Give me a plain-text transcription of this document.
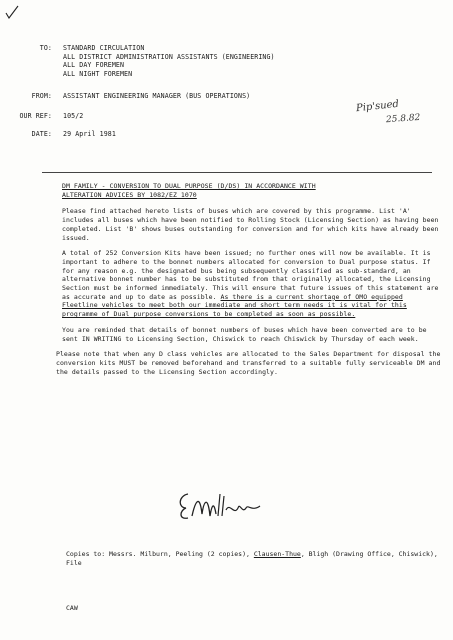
TO: STANDARD CIRCULATION
ALL DISTRICT ADMINISTRATION ASSISTANTS (ENGINEERING)
ALL DAY FOREMEN
ALL NIGHT FOREMEN
FROM: ASSISTANT ENGINEERING MANAGER (BUS OPERATIONS)
OUR REF: 105/2
DATE: 29 April 1981
Pip'sued
25.8.82

DM FAMILY - CONVERSION TO DUAL PURPOSE (D/DS) IN ACCORDANCE WITH
ALTERATION ADVICES BY 1082/EZ 1070

Please find attached hereto lists of buses which are covered by this programme. List 'A' includes all buses which have been notified to Rolling Stock (Licensing Section) as having been completed. List 'B' shows buses outstanding for conversion and for which kits have already been issued.

A total of 252 Conversion Kits have been issued; no further ones will now be available. It is important to adhere to the bonnet numbers allocated for conversion to Dual purpose status. If for any reason e.g. the designated bus being subsequently classified as sub-standard, an alternative bonnet number has to be substituted from that originally allocated, the Licensing Section must be informed immediately. This will ensure that future issues of this statement are as accurate and up to date as possible. As there is a current shortage of OMO equipped Fleetline vehicles to meet both our immediate and short term needs it is vital for this programme of Dual purpose conversions to be completed as soon as possible.

You are reminded that details of bonnet numbers of buses which have been converted are to be sent IN WRITING to Licensing Section, Chiswick to reach Chiswick by Thursday of each week.

Please note that when any D class vehicles are allocated to the Sales Department for disposal the conversion kits MUST be removed beforehand and transferred to a suitable fully serviceable DM and the details passed to the Licensing Section accordingly.

Copies to: Messrs. Milburn, Peeling (2 copies), Clausen-Thue, Bligh (Drawing Office, Chiswick), File
CAW
